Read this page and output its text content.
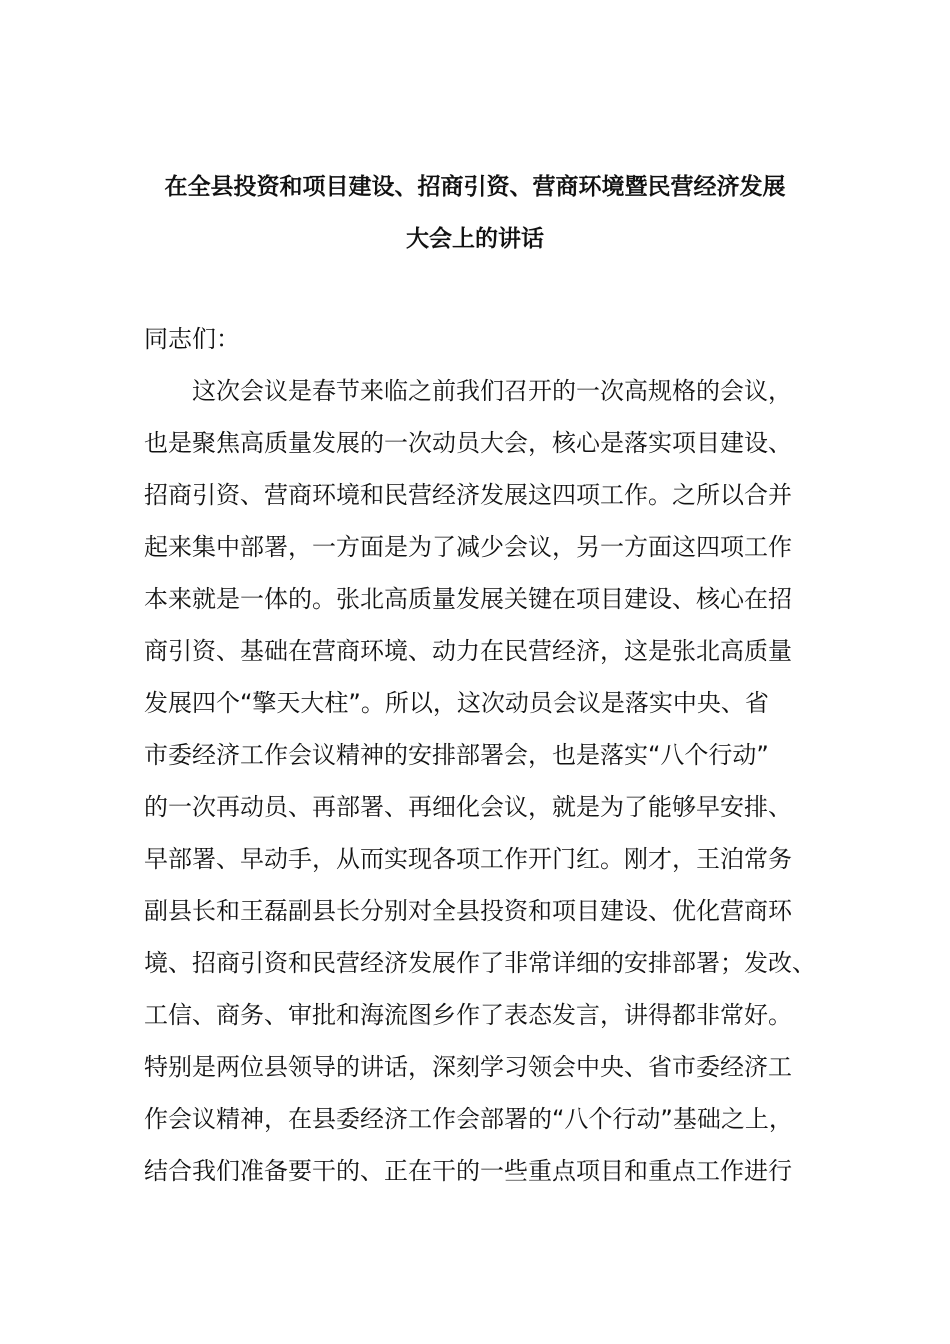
在全县投资和项目建设、招商引资、营商环境暨民营经济发展
大会上的讲话
同志们：
这次会议是春节来临之前我们召开的一次高规格的会议，
也是聚焦高质量发展的一次动员大会，核心是落实项目建设、
招商引资、营商环境和民营经济发展这四项工作。之所以合并
起来集中部署，一方面是为了减少会议，另一方面这四项工作
本来就是一体的。张北高质量发展关键在项目建设、核心在招
商引资、基础在营商环境、动力在民营经济，这是张北高质量
发展四个“擎天大柱”。所以，这次动员会议是落实中央、省
市委经济工作会议精神的安排部署会，也是落实“八个行动”
的一次再动员、再部署、再细化会议，就是为了能够早安排、
早部署、早动手，从而实现各项工作开门红。刚才，王泊常务
副县长和王磊副县长分别对全县投资和项目建设、优化营商环
境、招商引资和民营经济发展作了非常详细的安排部署；发改、
工信、商务、审批和海流图乡作了表态发言，讲得都非常好。
特别是两位县领导的讲话，深刻学习领会中央、省市委经济工
作会议精神，在县委经济工作会部署的“八个行动”基础之上，
结合我们准备要干的、正在干的一些重点项目和重点工作进行
